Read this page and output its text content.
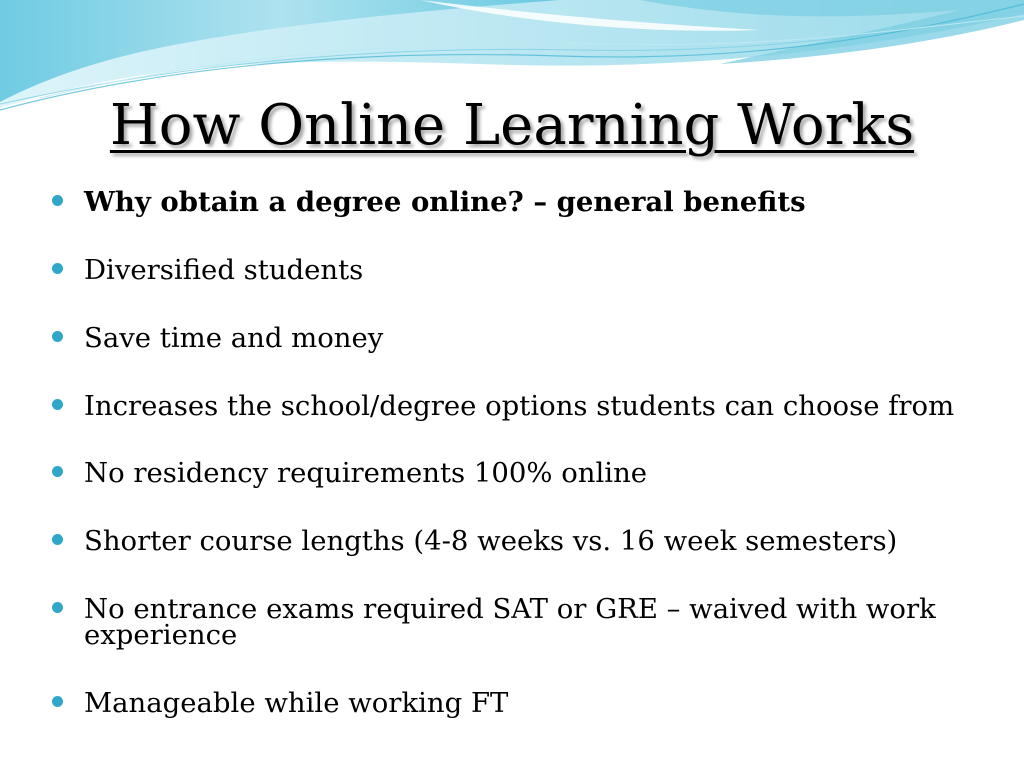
How Online Learning Works
Why obtain a degree online? – general benefits
Diversified students
Save time and money
Increases the school/degree options students can choose from
No residency requirements 100% online
Shorter course lengths (4-8 weeks vs. 16 week semesters)
No entrance exams required SAT or GRE – waived with work experience
Manageable while working FT
